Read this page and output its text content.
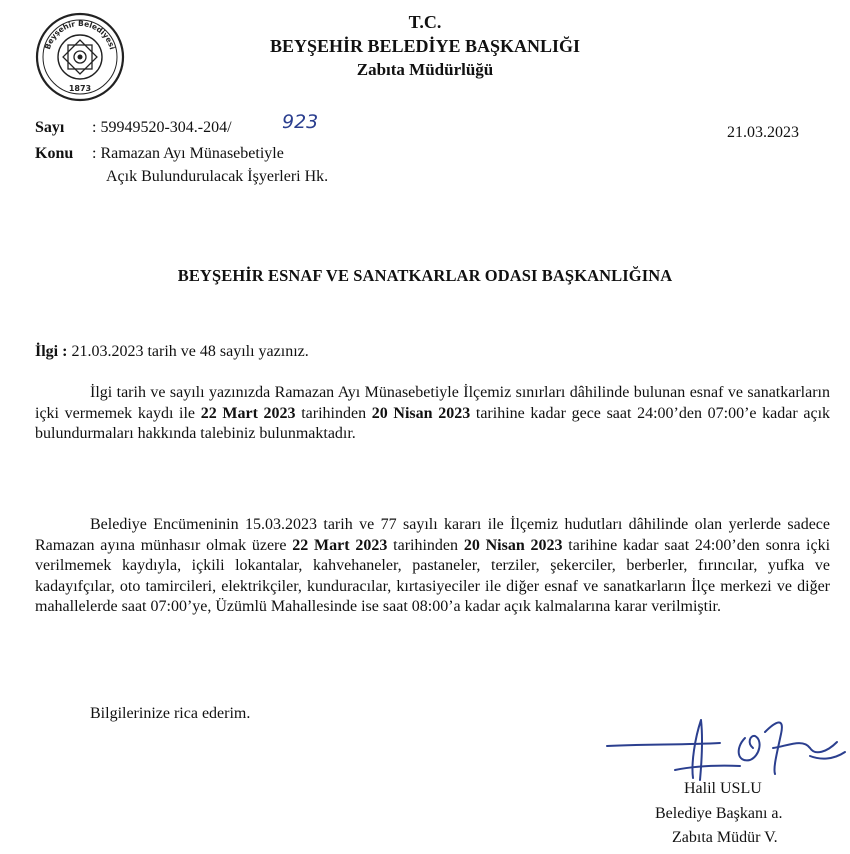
Beyşehir Belediyesi
1873
T.C.
BEYŞEHİR BELEDİYE BAŞKANLIĞI
Zabıta Müdürlüğü
Sayı : 59949520-304.-204/	923	21.03.2023
Konu : Ramazan Ayı Münasebetiyle
Açık Bulundurulacak İşyerleri Hk.
BEYŞEHİR ESNAF VE SANATKARLAR ODASI BAŞKANLIĞINA
İlgi : 21.03.2023 tarih ve 48 sayılı yazınız.

İlgi tarih ve sayılı yazınızda Ramazan Ayı Münasebetiyle İlçemiz sınırları dâhilinde bulunan esnaf ve sanatkarların içki vermemek kaydı ile 22 Mart 2023 tarihinden 20 Nisan 2023 tarihine kadar gece saat 24:00’den 07:00’e kadar açık bulundurmaları hakkında talebiniz bulunmaktadır.

Belediye Encümeninin 15.03.2023 tarih ve 77 sayılı kararı ile İlçemiz hudutları dâhilinde olan yerlerde sadece Ramazan ayına münhasır olmak üzere 22 Mart 2023 tarihinden 20 Nisan 2023 tarihine kadar saat 24:00’den sonra içki verilmemek kaydıyla, içkili lokantalar, kahvehaneler, pastaneler, terziler, şekerciler, berberler, fırıncılar, yufka ve kadayıfçılar, oto tamircileri, elektrikçiler, kunduracılar, kırtasiyeciler ile diğer esnaf ve sanatkarların İlçe merkezi ve diğer mahallelerde saat 07:00’ye, Üzümlü Mahallesinde ise saat 08:00’a kadar açık kalmalarına karar verilmiştir.

Bilgilerinize rica ederim.
Halil USLU
Belediye Başkanı a.
Zabıta Müdür V.
